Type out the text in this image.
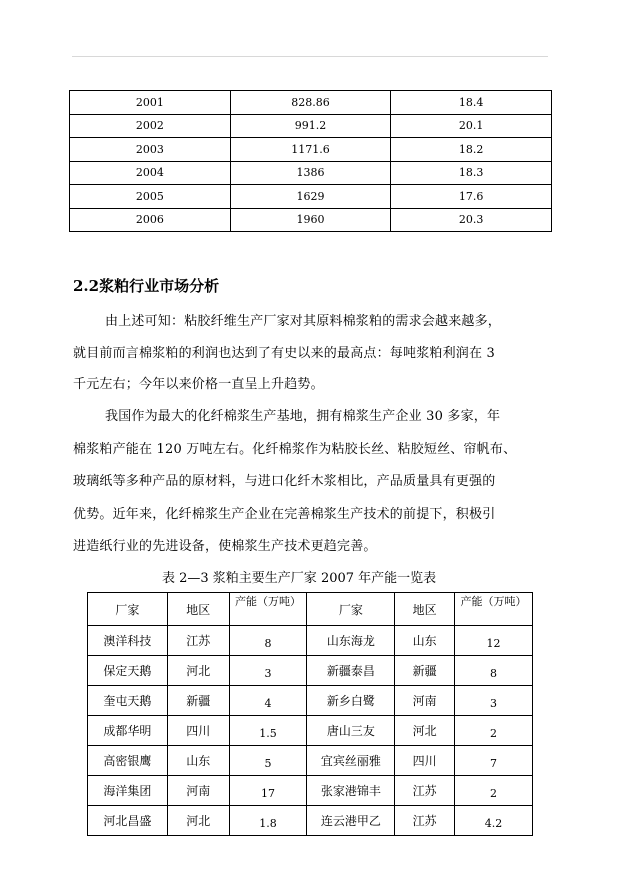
2001	828.86	18.4
2002	991.2	20.1
2003	1171.6	18.2
2004	1386	18.3
2005	1629	17.6
2006	1960	20.3
2.2浆粕行业市场分析
由上述可知：粘胶纤维生产厂家对其原料棉浆粕的需求会越来越多，
就目前而言棉浆粕的利润也达到了有史以来的最高点：每吨浆粕利润在 3
千元左右；今年以来价格一直呈上升趋势。
我国作为最大的化纤棉浆生产基地，拥有棉浆生产企业 30 多家，年
棉浆粕产能在 120 万吨左右。化纤棉浆作为粘胶长丝、粘胶短丝、帘帆布、
玻璃纸等多种产品的原材料，与进口化纤木浆相比，产品质量具有更强的
优势。近年来，化纤棉浆生产企业在完善棉浆生产技术的前提下，积极引
进造纸行业的先进设备，使棉浆生产技术更趋完善。
表 2—3 浆粕主要生产厂家 2007 年产能一览表
厂家	地区	产能（万吨）	厂家	地区	产能（万吨）
澳洋科技	江苏	8	山东海龙	山东	12
保定天鹅	河北	3	新疆泰昌	新疆	8
奎屯天鹅	新疆	4	新乡白鹭	河南	3
成都华明	四川	1.5	唐山三友	河北	2
高密银鹰	山东	5	宜宾丝丽雅	四川	7
海洋集团	河南	17	张家港锦丰	江苏	2
河北昌盛	河北	1.8	连云港甲乙	江苏	4.2
